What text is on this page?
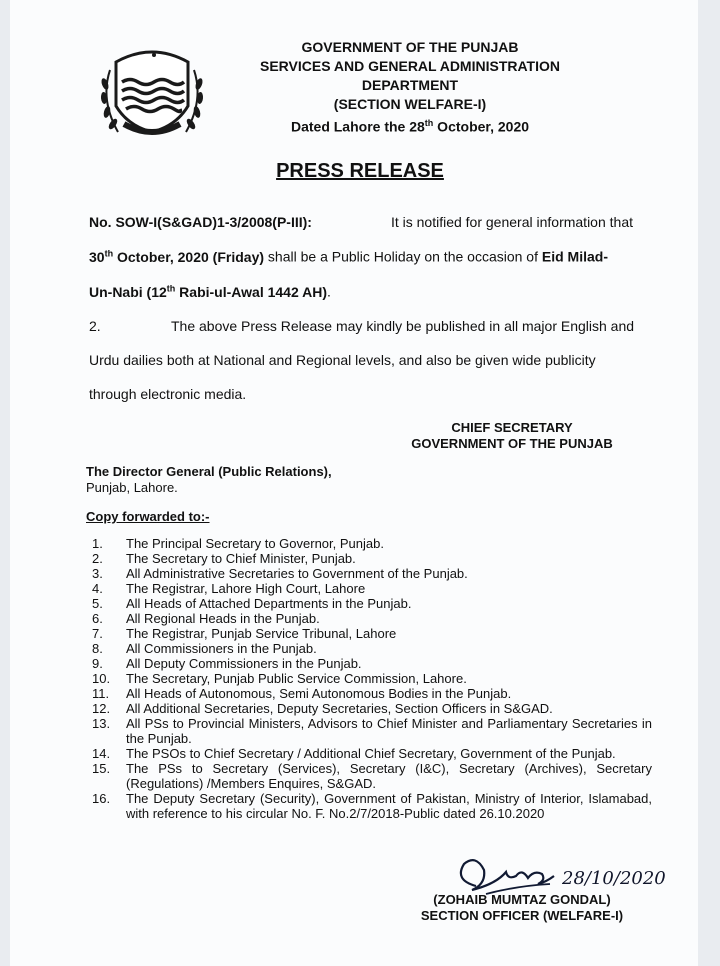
GOVERNMENT OF THE PUNJAB
SERVICES AND GENERAL ADMINISTRATION
DEPARTMENT
(SECTION WELFARE-I)
Dated Lahore the 28th October, 2020
PRESS RELEASE
No. SOW-I(S&GAD)1-3/2008(P-III):	It is notified for general information that
30th October, 2020 (Friday) shall be a Public Holiday on the occasion of Eid Milad-
Un-Nabi (12th Rabi-ul-Awal 1442 AH).
2.	The above Press Release may kindly be published in all major English and
Urdu dailies both at National and Regional levels, and also be given wide publicity
through electronic media.
CHIEF SECRETARY
GOVERNMENT OF THE PUNJAB
The Director General (Public Relations),
Punjab, Lahore.
Copy forwarded to:-
1.	The Principal Secretary to Governor, Punjab.
2.	The Secretary to Chief Minister, Punjab.
3.	All Administrative Secretaries to Government of the Punjab.
4.	The Registrar, Lahore High Court, Lahore
5.	All Heads of Attached Departments in the Punjab.
6.	All Regional Heads in the Punjab.
7.	The Registrar, Punjab Service Tribunal, Lahore
8.	All Commissioners in the Punjab.
9.	All Deputy Commissioners in the Punjab.
10.	The Secretary, Punjab Public Service Commission, Lahore.
11.	All Heads of Autonomous, Semi Autonomous Bodies in the Punjab.
12.	All Additional Secretaries, Deputy Secretaries, Section Officers in S&GAD.
13.	All PSs to Provincial Ministers, Advisors to Chief Minister and Parliamentary Secretaries in the Punjab.
14.	The PSOs to Chief Secretary / Additional Chief Secretary, Government of the Punjab.
15.	The PSs to Secretary (Services), Secretary (I&C), Secretary (Archives), Secretary (Regulations) /Members Enquires, S&GAD.
16.	The Deputy Secretary (Security), Government of Pakistan, Ministry of Interior, Islamabad, with reference to his circular No. F. No.2/7/2018-Public dated 26.10.2020
28/10/2020
(ZOHAIB MUMTAZ GONDAL)
SECTION OFFICER (WELFARE-I)
